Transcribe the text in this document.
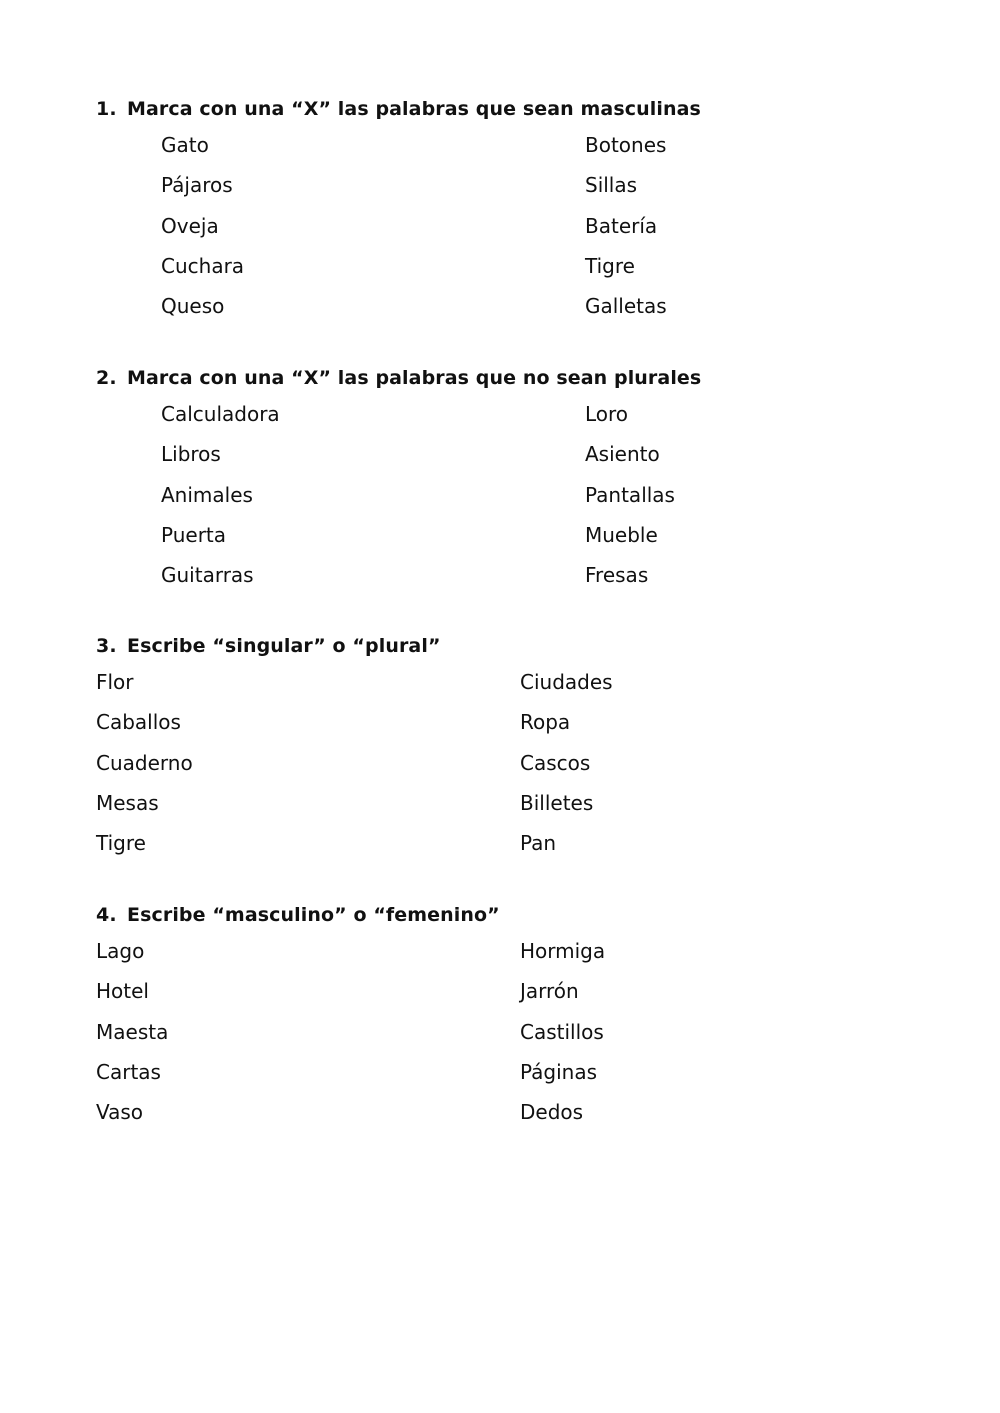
1. Marca con una “X” las palabras que sean masculinas
Gato	Botones
Pájaros	Sillas
Oveja	Batería
Cuchara	Tigre
Queso	Galletas
2. Marca con una “X” las palabras que no sean plurales
Calculadora	Loro
Libros	Asiento
Animales	Pantallas
Puerta	Mueble
Guitarras	Fresas
3. Escribe “singular” o “plural”
Flor	Ciudades
Caballos	Ropa
Cuaderno	Cascos
Mesas	Billetes
Tigre	Pan
4. Escribe “masculino” o “femenino”
Lago	Hormiga
Hotel	Jarrón
Maesta	Castillos
Cartas	Páginas
Vaso	Dedos
